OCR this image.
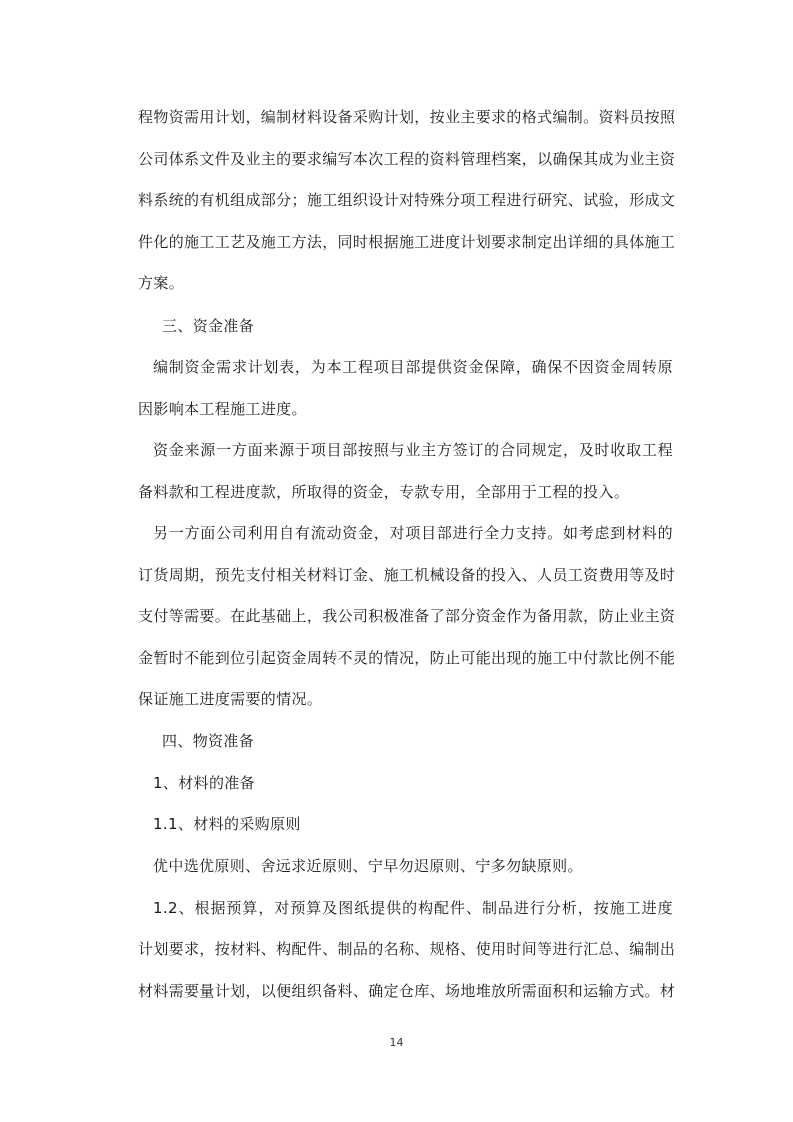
程物资需用计划，编制材料设备采购计划，按业主要求的格式编制。资料员按照
公司体系文件及业主的要求编写本次工程的资料管理档案，以确保其成为业主资
料系统的有机组成部分；施工组织设计对特殊分项工程进行研究、试验，形成文
件化的施工工艺及施工方法，同时根据施工进度计划要求制定出详细的具体施工
方案。
三、资金准备
编制资金需求计划表，为本工程项目部提供资金保障，确保不因资金周转原
因影响本工程施工进度。
资金来源一方面来源于项目部按照与业主方签订的合同规定，及时收取工程
备料款和工程进度款，所取得的资金，专款专用，全部用于工程的投入。
另一方面公司利用自有流动资金，对项目部进行全力支持。如考虑到材料的
订货周期，预先支付相关材料订金、施工机械设备的投入、人员工资费用等及时
支付等需要。在此基础上，我公司积极准备了部分资金作为备用款，防止业主资
金暂时不能到位引起资金周转不灵的情况，防止可能出现的施工中付款比例不能
保证施工进度需要的情况。
四、物资准备
1、材料的准备
1.1、材料的采购原则
优中选优原则、舍远求近原则、宁早勿迟原则、宁多勿缺原则。
1.2、根据预算，对预算及图纸提供的构配件、制品进行分析，按施工进度
计划要求，按材料、构配件、制品的名称、规格、使用时间等进行汇总、编制出
材料需要量计划，以便组织备料、确定仓库、场地堆放所需面积和运输方式。材
14
